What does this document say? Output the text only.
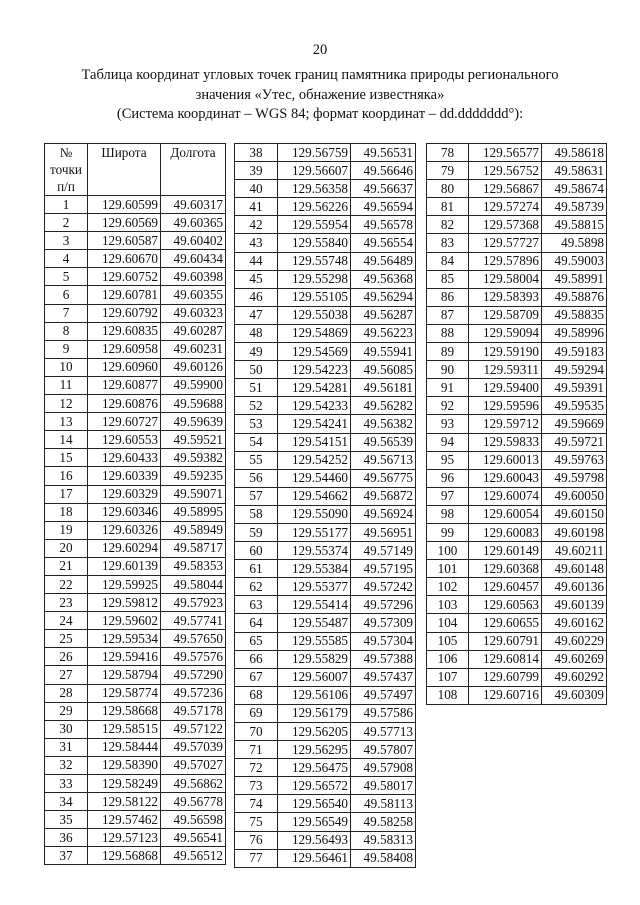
20
Таблица координат угловых точек границ памятника природы регионального
значения «Утес, обнажение известняка»
(Система координат – WGS 84; формат координат – dd.ddddddd°):
№
точки
п/п	Широта	Долгота
1	129.60599	49.60317
2	129.60569	49.60365
3	129.60587	49.60402
4	129.60670	49.60434
5	129.60752	49.60398
6	129.60781	49.60355
7	129.60792	49.60323
8	129.60835	49.60287
9	129.60958	49.60231
10	129.60960	49.60126
11	129.60877	49.59900
12	129.60876	49.59688
13	129.60727	49.59639
14	129.60553	49.59521
15	129.60433	49.59382
16	129.60339	49.59235
17	129.60329	49.59071
18	129.60346	49.58995
19	129.60326	49.58949
20	129.60294	49.58717
21	129.60139	49.58353
22	129.59925	49.58044
23	129.59812	49.57923
24	129.59602	49.57741
25	129.59534	49.57650
26	129.59416	49.57576
27	129.58794	49.57290
28	129.58774	49.57236
29	129.58668	49.57178
30	129.58515	49.57122
31	129.58444	49.57039
32	129.58390	49.57027
33	129.58249	49.56862
34	129.58122	49.56778
35	129.57462	49.56598
36	129.57123	49.56541
37	129.56868	49.56512
38	129.56759	49.56531
39	129.56607	49.56646
40	129.56358	49.56637
41	129.56226	49.56594
42	129.55954	49.56578
43	129.55840	49.56554
44	129.55748	49.56489
45	129.55298	49.56368
46	129.55105	49.56294
47	129.55038	49.56287
48	129.54869	49.56223
49	129.54569	49.55941
50	129.54223	49.56085
51	129.54281	49.56181
52	129.54233	49.56282
53	129.54241	49.56382
54	129.54151	49.56539
55	129.54252	49.56713
56	129.54460	49.56775
57	129.54662	49.56872
58	129.55090	49.56924
59	129.55177	49.56951
60	129.55374	49.57149
61	129.55384	49.57195
62	129.55377	49.57242
63	129.55414	49.57296
64	129.55487	49.57309
65	129.55585	49.57304
66	129.55829	49.57388
67	129.56007	49.57437
68	129.56106	49.57497
69	129.56179	49.57586
70	129.56205	49.57713
71	129.56295	49.57807
72	129.56475	49.57908
73	129.56572	49.58017
74	129.56540	49.58113
75	129.56549	49.58258
76	129.56493	49.58313
77	129.56461	49.58408
78	129.56577	49.58618
79	129.56752	49.58631
80	129.56867	49.58674
81	129.57274	49.58739
82	129.57368	49.58815
83	129.57727	49.5898
84	129.57896	49.59003
85	129.58004	49.58991
86	129.58393	49.58876
87	129.58709	49.58835
88	129.59094	49.58996
89	129.59190	49.59183
90	129.59311	49.59294
91	129.59400	49.59391
92	129.59596	49.59535
93	129.59712	49.59669
94	129.59833	49.59721
95	129.60013	49.59763
96	129.60043	49.59798
97	129.60074	49.60050
98	129.60054	49.60150
99	129.60083	49.60198
100	129.60149	49.60211
101	129.60368	49.60148
102	129.60457	49.60136
103	129.60563	49.60139
104	129.60655	49.60162
105	129.60791	49.60229
106	129.60814	49.60269
107	129.60799	49.60292
108	129.60716	49.60309
